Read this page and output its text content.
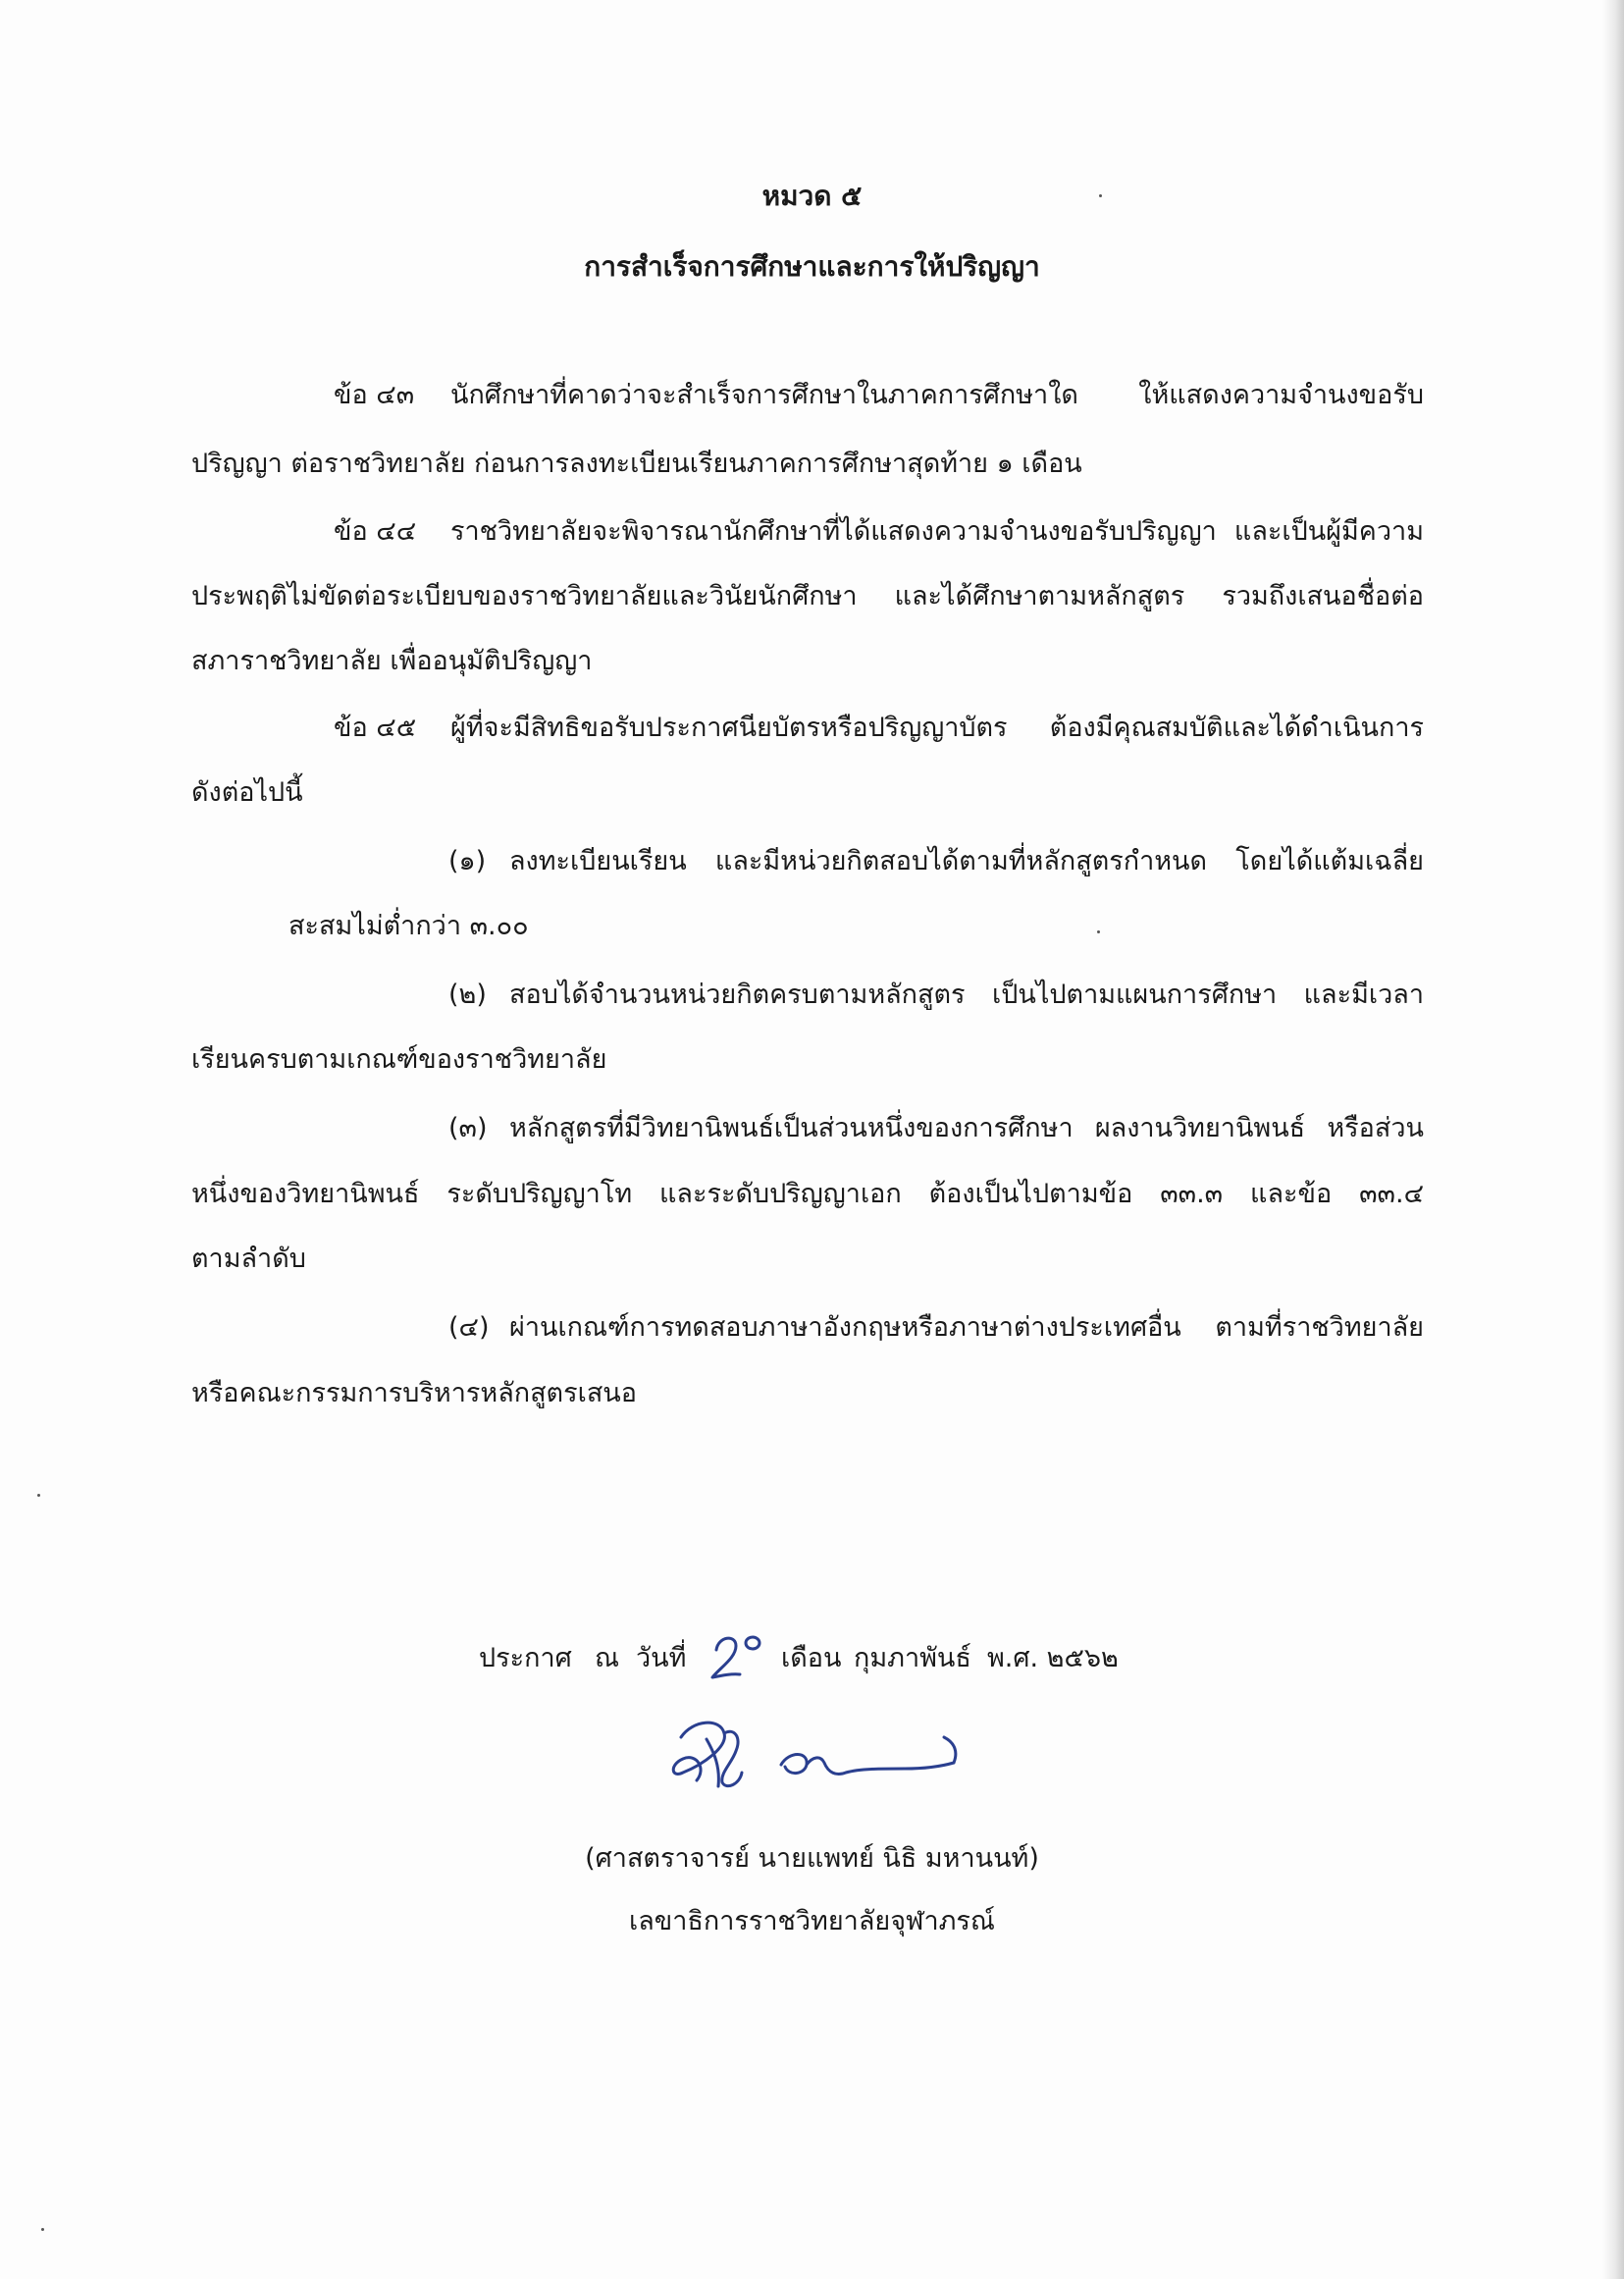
หมวด ๕
การสำเร็จการศึกษาและการให้ปริญญา
ข้อ ๔๓	นักศึกษาที่คาดว่าจะสำเร็จการศึกษาในภาคการศึกษาใด ให้แสดงความจำนงขอรับ
ปริญญา ต่อราชวิทยาลัย ก่อนการลงทะเบียนเรียนภาคการศึกษาสุดท้าย ๑ เดือน
ข้อ ๔๔	ราชวิทยาลัยจะพิจารณานักศึกษาที่ได้แสดงความจำนงขอรับปริญญา และเป็นผู้มีความ
ประพฤติไม่ขัดต่อระเบียบของราชวิทยาลัยและวินัยนักศึกษา และได้ศึกษาตามหลักสูตร รวมถึงเสนอชื่อต่อ
สภาราชวิทยาลัย เพื่ออนุมัติปริญญา
ข้อ ๔๕	ผู้ที่จะมีสิทธิขอรับประกาศนียบัตรหรือปริญญาบัตร ต้องมีคุณสมบัติและได้ดำเนินการ
ดังต่อไปนี้
(๑) ลงทะเบียนเรียน และมีหน่วยกิตสอบได้ตามที่หลักสูตรกำหนด โดยได้แต้มเฉลี่ย
สะสมไม่ต่ำกว่า ๓.๐๐
(๒) สอบได้จำนวนหน่วยกิตครบตามหลักสูตร เป็นไปตามแผนการศึกษา และมีเวลา
เรียนครบตามเกณฑ์ของราชวิทยาลัย
(๓) หลักสูตรที่มีวิทยานิพนธ์เป็นส่วนหนึ่งของการศึกษา ผลงานวิทยานิพนธ์ หรือส่วน
หนึ่งของวิทยานิพนธ์ ระดับปริญญาโท และระดับปริญญาเอก ต้องเป็นไปตามข้อ ๓๓.๓ และข้อ ๓๓.๔
ตามลำดับ
(๔) ผ่านเกณฑ์การทดสอบภาษาอังกฤษหรือภาษาต่างประเทศอื่น ตามที่ราชวิทยาลัย
หรือคณะกรรมการบริหารหลักสูตรเสนอ
ประกาศ ณ วันที่	เดือน กุมภาพันธ์ พ.ศ. ๒๕๖๒
(ศาสตราจารย์ นายแพทย์ นิธิ มหานนท์)
เลขาธิการราชวิทยาลัยจุฬาภรณ์
